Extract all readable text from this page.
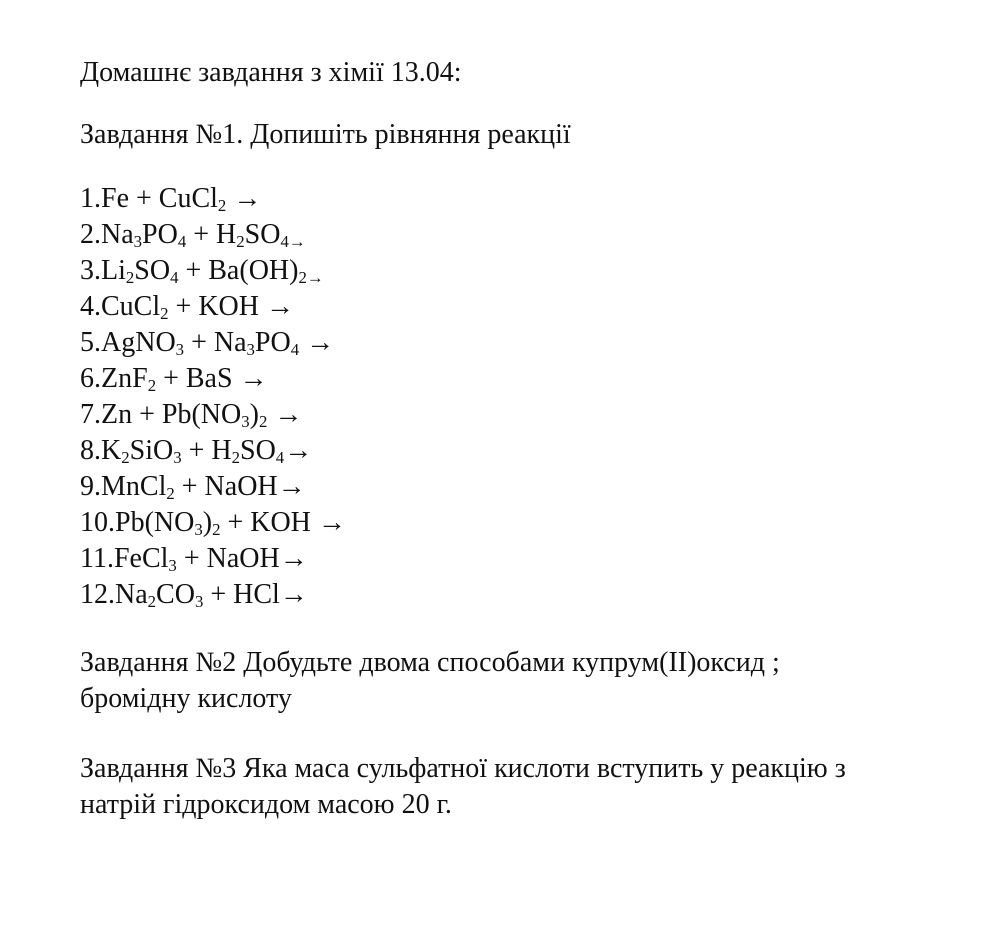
Домашнє завдання з хімії 13.04:
Завдання №1. Допишіть рівняння реакції
1.Fe + CuCl$_2$ →
$2.Na_3PO_4 + H_2SO_{4\to}$
$3.Li_2SO_4 + Ba(OH)_{2\to}$
4.CuCl$_2$ + KOH →
5.AgNO$_3$ + $Na_3PO_4$ →
6.ZnF$_2$ + BaS →
$7.Zn + Pb(NO_3)_2$ →
$8.K_2SiO_3 + H_2SO_4\to$
9.MnCl$_2$ + NaOH→
$10.Pb(NO_3)_2$ + KOH →
11.FeCl$_3$ + NaOH→
$12.Na_2CO_3 + HCl\to$
Завдання №2 Добудьте двома способами купрум(ІІ)оксид ;
бромідну кислоту
Завдання №3 Яка маса сульфатної кислоти вступить у реакцію з
натрій гідроксидом масою 20 г.
